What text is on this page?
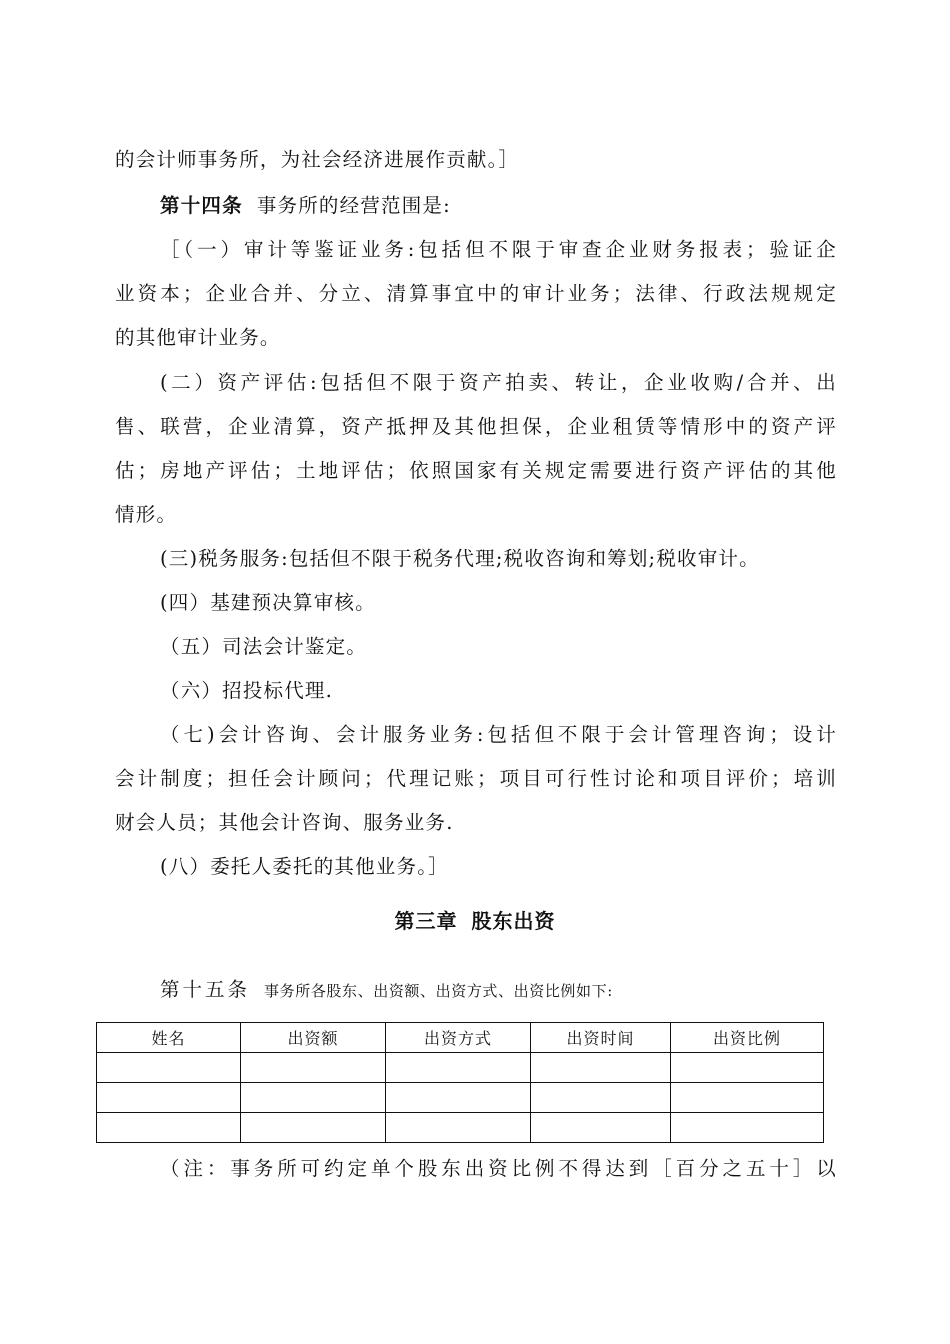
的会计师事务所，为社会经济进展作贡献。］
第十四条 事务所的经营范围是:
［（一）审计等鉴证业务:包括但不限于审查企业财务报表；验证企
业资本；企业合并、分立、清算事宜中的审计业务；法律、行政法规规定
的其他审计业务。
(二）资产评估:包括但不限于资产拍卖、转让，企业收购/合并、出
售、联营，企业清算，资产抵押及其他担保，企业租赁等情形中的资产评
估；房地产评估；土地评估；依照国家有关规定需要进行资产评估的其他
情形。
(三)税务服务:包括但不限于税务代理;税收咨询和筹划;税收审计。
(四）基建预决算审核。
（五）司法会计鉴定。
（六）招投标代理.
（七)会计咨询、会计服务业务:包括但不限于会计管理咨询；设计
会计制度；担任会计顾问；代理记账；项目可行性讨论和项目评价；培训
财会人员；其他会计咨询、服务业务.
(八）委托人委托的其他业务。］
第三章 股东出资
第十五条 事务所各股东、出资额、出资方式、出资比例如下:
姓名	出资额	出资方式	出资时间	出资比例

（注：事务所可约定单个股东出资比例不得达到［百分之五十］以
